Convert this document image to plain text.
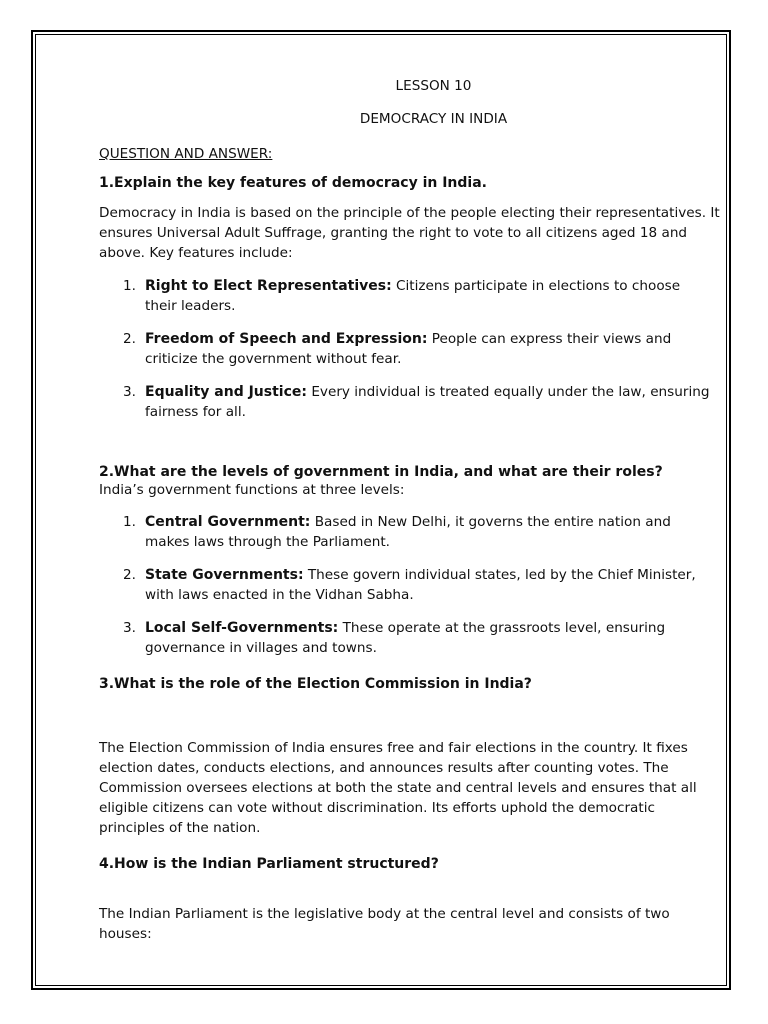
LESSON 10

DEMOCRACY IN INDIA

QUESTION AND ANSWER:

1.Explain the key features of democracy in India.

Democracy in India is based on the principle of the people electing their representatives. It ensures Universal Adult Suffrage, granting the right to vote to all citizens aged 18 and above. Key features include:

1. Right to Elect Representatives: Citizens participate in elections to choose their leaders.
2. Freedom of Speech and Expression: People can express their views and criticize the government without fear.
3. Equality and Justice: Every individual is treated equally under the law, ensuring fairness for all.

2.What are the levels of government in India, and what are their roles?

India’s government functions at three levels:

1. Central Government: Based in New Delhi, it governs the entire nation and makes laws through the Parliament.
2. State Governments: These govern individual states, led by the Chief Minister, with laws enacted in the Vidhan Sabha.
3. Local Self-Governments: These operate at the grassroots level, ensuring governance in villages and towns.

3.What is the role of the Election Commission in India?

The Election Commission of India ensures free and fair elections in the country. It fixes election dates, conducts elections, and announces results after counting votes. The Commission oversees elections at both the state and central levels and ensures that all eligible citizens can vote without discrimination. Its efforts uphold the democratic principles of the nation.

4.How is the Indian Parliament structured?

The Indian Parliament is the legislative body at the central level and consists of two houses:
